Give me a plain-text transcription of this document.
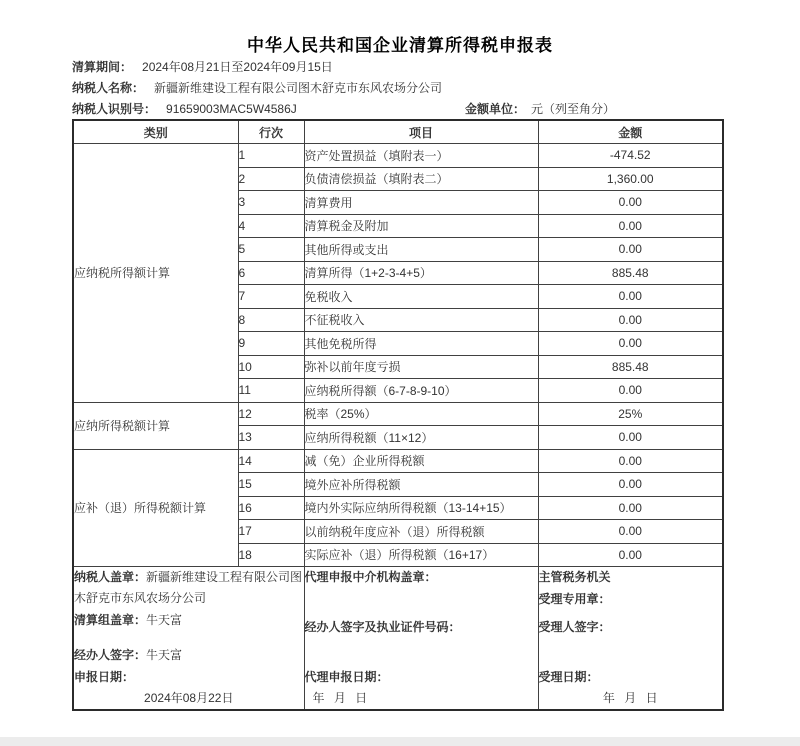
中华人民共和国企业清算所得税申报表
清算期间： 2024年08月21日至2024年09月15日
纳税人名称： 新疆新维建设工程有限公司图木舒克市东风农场分公司
纳税人识别号： 91659003MAC5W4586J	金额单位： 元（列至角分）
类别	行次	项目	金额
应纳税所得额计算	1	资产处置损益（填附表一）	-474.52
	2	负债清偿损益（填附表二）	1,360.00
	3	清算费用	0.00
	4	清算税金及附加	0.00
	5	其他所得或支出	0.00
	6	清算所得（1+2-3-4+5）	885.48
	7	免税收入	0.00
	8	不征税收入	0.00
	9	其他免税所得	0.00
	10	弥补以前年度亏损	885.48
	11	应纳税所得额（6-7-8-9-10）	0.00
应纳所得税额计算	12	税率（25%）	25%
	13	应纳所得税额（11×12）	0.00
应补（退）所得税额计算	14	减（免）企业所得税额	0.00
	15	境外应补所得税额	0.00
	16	境内外实际应纳所得税额（13-14+15）	0.00
	17	以前纳税年度应补（退）所得税额	0.00
	18	实际应补（退）所得税额（16+17）	0.00

纳税人盖章：新疆新维建设工程有限公司图木舒克市东风农场分公司
清算组盖章：牛天富
经办人签字：牛天富
申报日期：
2024年08月22日

代理申报中介机构盖章：
经办人签字及执业证件号码：
代理申报日期：
年 月 日

主管税务机关
受理专用章：
受理人签字：
受理日期：
年 月 日
